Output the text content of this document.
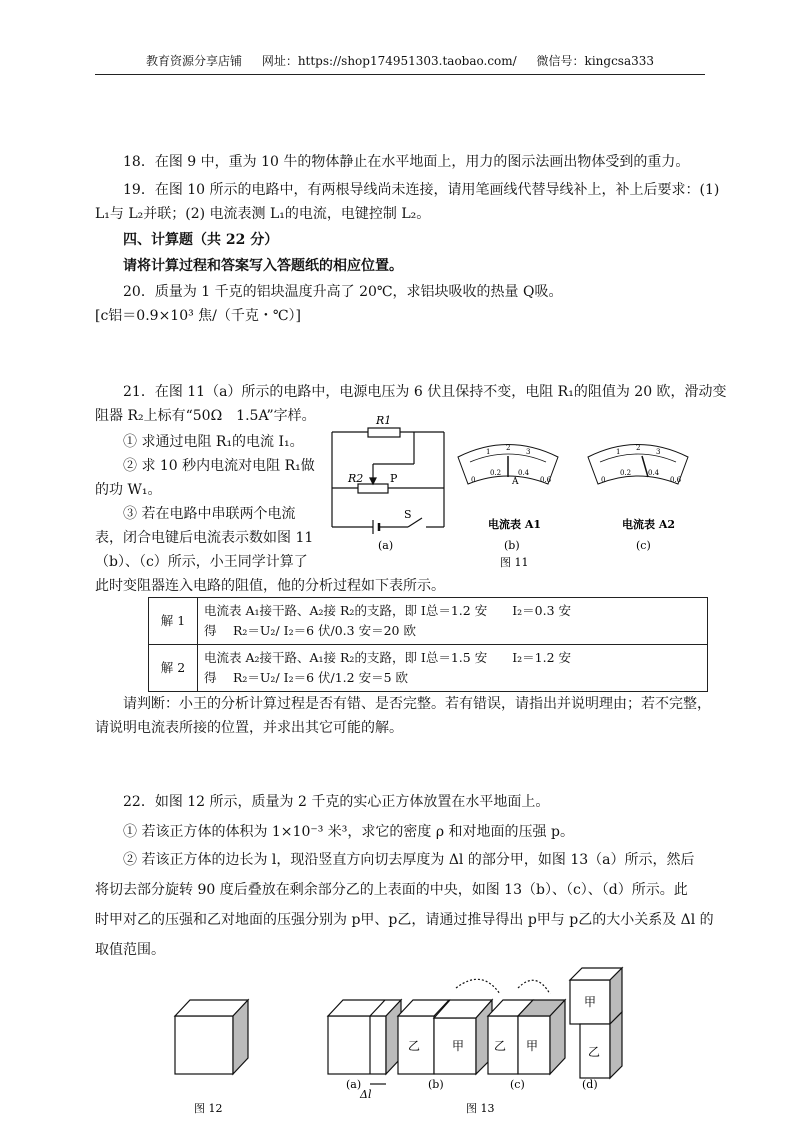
教育资源分享店铺 网址：https://shop174951303.taobao.com/ 微信号：kingcsa333
18．在图 9 中，重为 10 牛的物体静止在水平地面上，用力的图示法画出物体受到的重力。
19．在图 10 所示的电路中，有两根导线尚未连接，请用笔画线代替导线补上，补上后要求：(1)
L₁与 L₂并联；(2) 电流表测 L₁的电流，电键控制 L₂。
四、计算题（共 22 分）
请将计算过程和答案写入答题纸的相应位置。
20．质量为 1 千克的铝块温度升高了 20℃，求铝块吸收的热量 Q吸。
[c铝＝0.9×10³ 焦/（千克・℃）]
21．在图 11（a）所示的电路中，电源电压为 6 伏且保持不变，电阻 R₁的阻值为 20 欧，滑动变
阻器 R₂上标有“50Ω　1.5A”字样。
① 求通过电阻 R₁的电流 I₁。
② 求 10 秒内电流对电阻 R₁做
的功 W₁。
③ 若在电路中串联两个电流
表，闭合电键后电流表示数如图 11
（b）、（c）所示，小王同学计算了
此时变阻器连入电路的阻值，他的分析过程如下表所示。
R1
R2 P
S
(a)
0
0.2 0.4
0.6
1 2 3
A
电流表 A1
(b)
0
0.2 0.4
0.6
1 2 3
电流表 A2
(c)
图 11
解 1	电流表 A₁接干路、A₂接 R₂的支路，即 I总＝1.2 安　　I₂＝0.3 安
得　 R₂＝U₂/ I₂＝6 伏/0.3 安＝20 欧

解 2	电流表 A₂接干路、A₁接 R₂的支路，即 I总＝1.5 安　　I₂＝1.2 安
得　 R₂＝U₂/ I₂＝6 伏/1.2 安＝5 欧
请判断：小王的分析计算过程是否有错、是否完整。若有错误，请指出并说明理由；若不完整，
请说明电流表所接的位置，并求出其它可能的解。
22．如图 12 所示，质量为 2 千克的实心正方体放置在水平地面上。
① 若该正方体的体积为 1×10⁻³ 米³，求它的密度 ρ 和对地面的压强 p。
② 若该正方体的边长为 l，现沿竖直方向切去厚度为 Δl 的部分甲，如图 13（a）所示，然后
将切去部分旋转 90 度后叠放在剩余部分乙的上表面的中央，如图 13（b）、（c）、（d）所示。此
时甲对乙的压强和乙对地面的压强分别为 p甲、p乙，请通过推导得出 p甲与 p乙的大小关系及 Δl 的
取值范围。
Δl
乙	甲 乙 甲
甲
乙
(a)	(b)	(c)	(d)
图 12	图 13
